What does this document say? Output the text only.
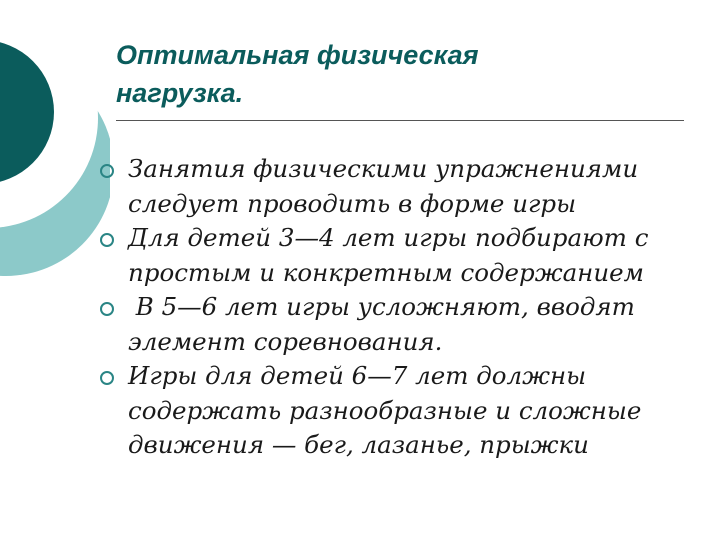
Оптимальная физическая
нагрузка.
Занятия физическими упражнениями
следует проводить в форме игры
Для детей 3—4 лет игры подбирают с
простым и конкретным содержанием
В 5—6 лет игры усложняют, вводят
элемент соревнования.
Игры для детей 6—7 лет должны
содержать разнообразные и сложные
движения — бег, лазанье, прыжки
